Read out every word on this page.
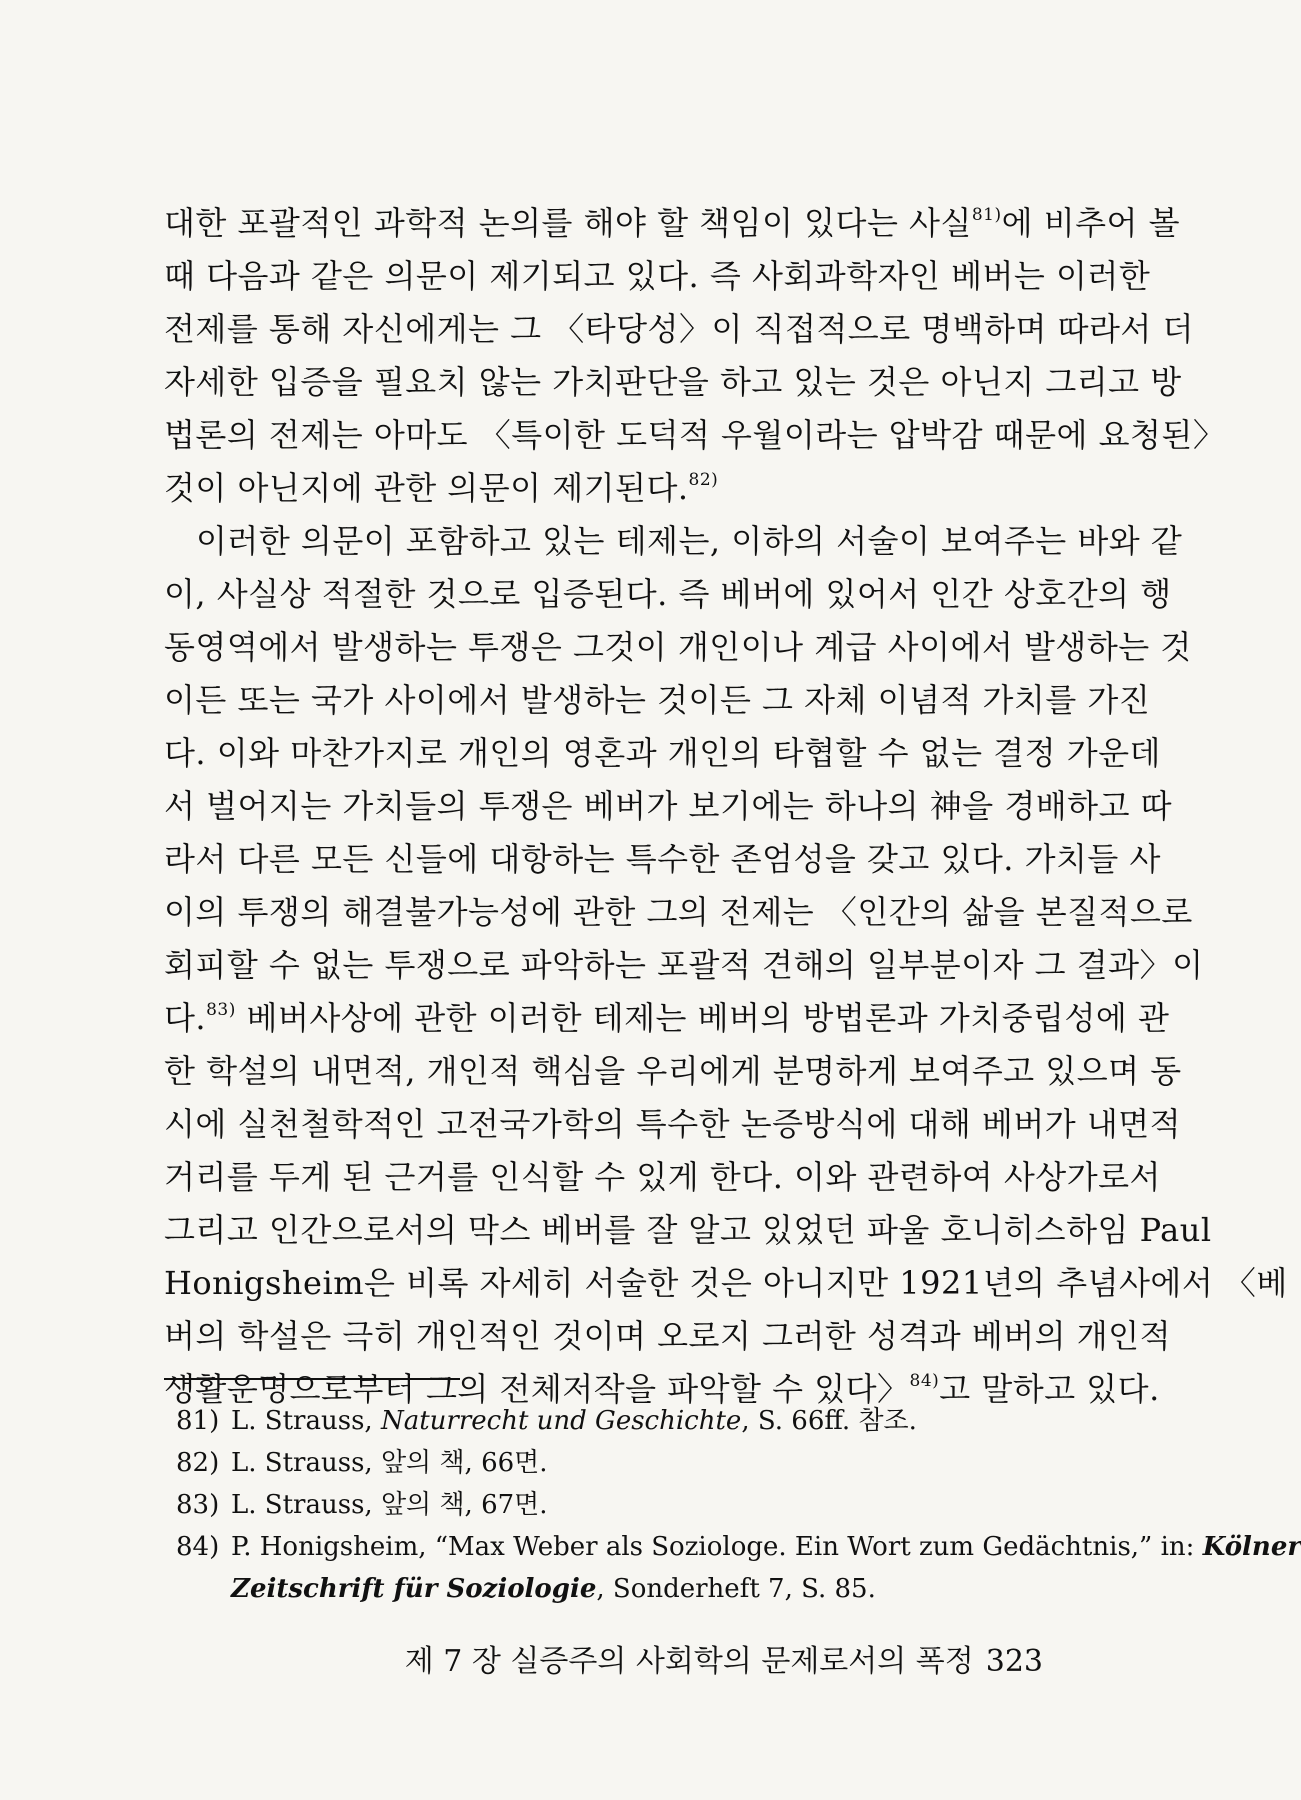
대한 포괄적인 과학적 논의를 해야 할 책임이 있다는 사실$^{81)}$에 비추어 볼
때 다음과 같은 의문이 제기되고 있다. 즉 사회과학자인 베버는 이러한
전제를 통해 자신에게는 그 〈타당성〉이 직접적으로 명백하며 따라서 더
자세한 입증을 필요치 않는 가치판단을 하고 있는 것은 아닌지 그리고 방
법론의 전제는 아마도 〈특이한 도덕적 우월이라는 압박감 때문에 요청된〉
것이 아닌지에 관한 의문이 제기된다.$^{82)}$
이러한 의문이 포함하고 있는 테제는, 이하의 서술이 보여주는 바와 같
이, 사실상 적절한 것으로 입증된다. 즉 베버에 있어서 인간 상호간의 행
동영역에서 발생하는 투쟁은 그것이 개인이나 계급 사이에서 발생하는 것
이든 또는 국가 사이에서 발생하는 것이든 그 자체 이념적 가치를 가진
다. 이와 마찬가지로 개인의 영혼과 개인의 타협할 수 없는 결정 가운데
서 벌어지는 가치들의 투쟁은 베버가 보기에는 하나의 神을 경배하고 따
라서 다른 모든 신들에 대항하는 특수한 존엄성을 갖고 있다. 가치들 사
이의 투쟁의 해결불가능성에 관한 그의 전제는 〈인간의 삶을 본질적으로
회피할 수 없는 투쟁으로 파악하는 포괄적 견해의 일부분이자 그 결과〉이
다.$^{83)}$ 베버사상에 관한 이러한 테제는 베버의 방법론과 가치중립성에 관
한 학설의 내면적, 개인적 핵심을 우리에게 분명하게 보여주고 있으며 동
시에 실천철학적인 고전국가학의 특수한 논증방식에 대해 베버가 내면적
거리를 두게 된 근거를 인식할 수 있게 한다. 이와 관련하여 사상가로서
그리고 인간으로서의 막스 베버를 잘 알고 있었던 파울 호니히스하임 Paul
Honigsheim은 비록 자세히 서술한 것은 아니지만 1921년의 추념사에서 〈베
버의 학설은 극히 개인적인 것이며 오로지 그러한 성격과 베버의 개인적
생활운명으로부터 그의 전체저작을 파악할 수 있다〉$^{84)}$고 말하고 있다.
81) L. Strauss, Naturrecht und Geschichte, S. 66ff. 참조.
82) L. Strauss, 앞의 책, 66면.
83) L. Strauss, 앞의 책, 67면.
84) P. Honigsheim, “Max Weber als Soziologe. Ein Wort zum Gedächtnis,” in: Kölner
Zeitschrift für Soziologie, Sonderheft 7, S. 85.
제 7 장 실증주의 사회학의 문제로서의 폭정 323
